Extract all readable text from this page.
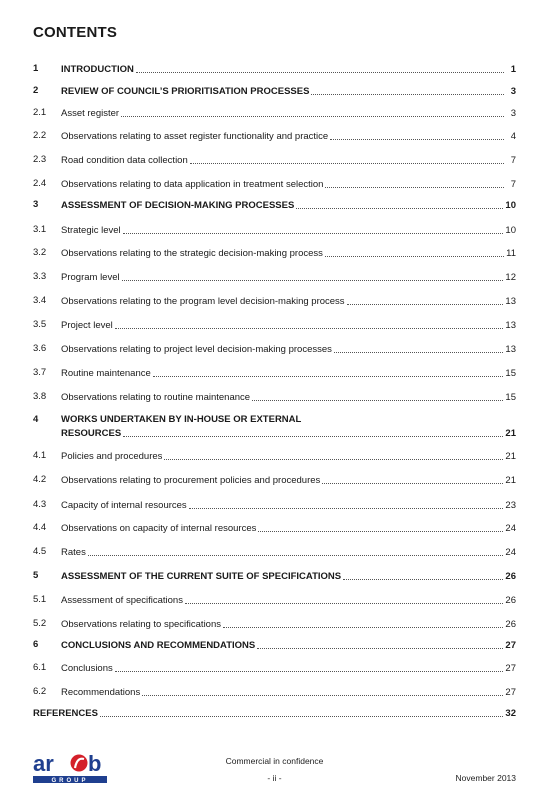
CONTENTS
1 INTRODUCTION	1
2 REVIEW OF COUNCIL’S PRIORITISATION PROCESSES	3
2.1 Asset register	3
2.2 Observations relating to asset register functionality and practice	4
2.3 Road condition data collection	7
2.4 Observations relating to data application in treatment selection	7
3 ASSESSMENT OF DECISION-MAKING PROCESSES	10
3.1 Strategic level	10
3.2 Observations relating to the strategic decision-making process	11
3.3 Program level	12
3.4 Observations relating to the program level decision-making process	13
3.5 Project level	13
3.6 Observations relating to project level decision-making processes	13
3.7 Routine maintenance	15
3.8 Observations relating to routine maintenance	15
4 WORKS UNDERTAKEN BY IN-HOUSE OR EXTERNAL
RESOURCES	21
4.1 Policies and procedures	21
4.2 Observations relating to procurement policies and procedures	21
4.3 Capacity of internal resources	23
4.4 Observations on capacity of internal resources	24
4.5 Rates	24
5 ASSESSMENT OF THE CURRENT SUITE OF SPECIFICATIONS	26
5.1 Assessment of specifications	26
5.2 Observations relating to specifications	26
6 CONCLUSIONS AND RECOMMENDATIONS	27
6.1 Conclusions	27
6.2 Recommendations	27
REFERENCES	32
ar b
GROUP
Commercial in confidence
- ii -	November 2013
